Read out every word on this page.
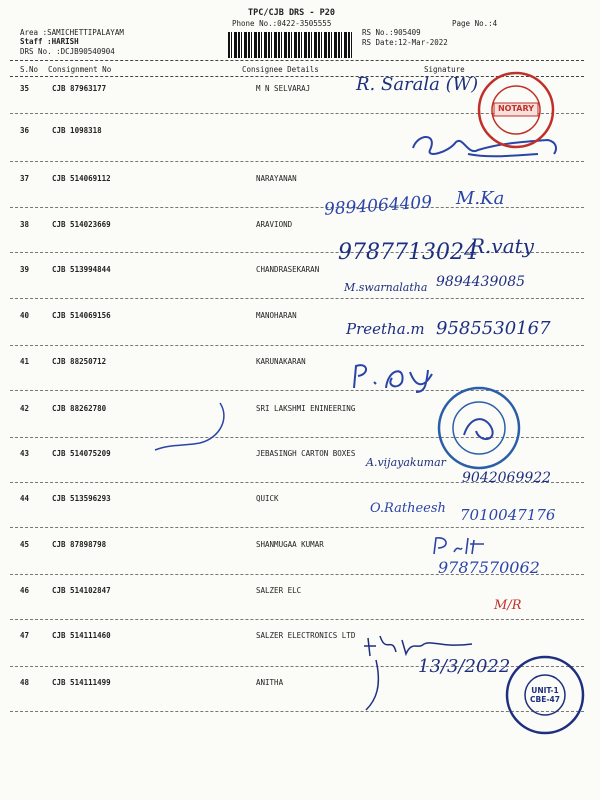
TPC/CJB DRS - P20
Phone No.:0422-3505555	Page No.:4
Area :SAMICHETTIPALAYAM
Staff :HARISH
DRS No. :DCJB90540904
RS No.:905409
RS Date:12-Mar-2022
S.No Consignment No	Consignee Details	Signature
35	CJB 87963177	M N SELVARAJ
36	CJB 1098318
37	CJB 514069112	NARAYANAN
38	CJB 514023669	ARAVIOND
39	CJB 513994844	CHANDRASEKARAN
40	CJB 514069156	MANOHARAN
41	CJB 88250712	KARUNAKARAN
42	CJB 88262780	SRI LAKSHMI ENINEERING
43	CJB 514075209	JEBASINGH CARTON BOXES
44	CJB 513596293	QUICK
45	CJB 87898798	SHANMUGAA KUMAR
46	CJB 514102847	SALZER ELC
47	CJB 514111460	SALZER ELECTRONICS LTD
48	CJB 514111499	ANITHA
R. Sarala (W)
9894064409 M.Ka
9787713024
R.vaty
M.swarnalatha 9894439085
Preetha.m 9585530167
A.vijayakumar
9042069922
O.Ratheesh 7010047176
9787570062
M/R
13/3/2022
NOTARY
UNIT-1
CBE-47
